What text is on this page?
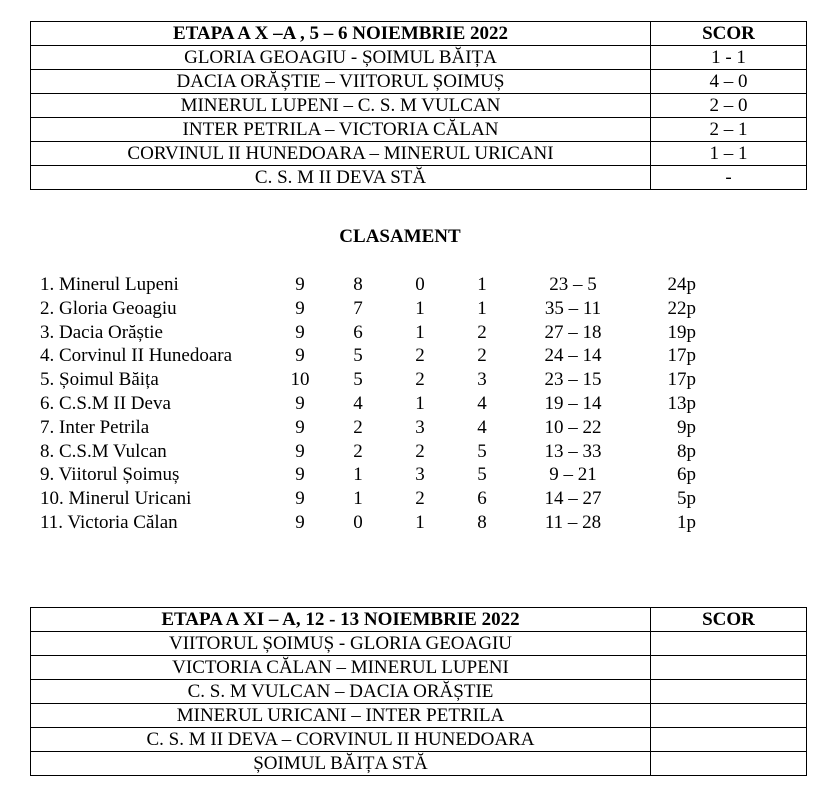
ETAPA A X –A , 5 – 6 NOIEMBRIE 2022	SCOR
GLORIA GEOAGIU - ȘOIMUL BĂIȚA	1 - 1
DACIA ORĂȘTIE – VIITORUL ȘOIMUȘ	4 – 0
MINERUL LUPENI – C. S. M VULCAN	2 – 0
INTER PETRILA – VICTORIA CĂLAN	2 – 1
CORVINUL II HUNEDOARA – MINERUL URICANI	1 – 1
C. S. M II DEVA STĂ	-
CLASAMENT
1. Minerul Lupeni	9	8	0	1	23 – 5	24p
2. Gloria Geoagiu	9	7	1	1	35 – 11	22p
3. Dacia Orăștie	9	6	1	2	27 – 18	19p
4. Corvinul II Hunedoara	9	5	2	2	24 – 14	17p
5. Șoimul Băița	10	5	2	3	23 – 15	17p
6. C.S.M II Deva	9	4	1	4	19 – 14	13p
7. Inter Petrila	9	2	3	4	10 – 22	9p
8. C.S.M Vulcan	9	2	2	5	13 – 33	8p
9. Viitorul Șoimuș	9	1	3	5	9 – 21	6p
10. Minerul Uricani	9	1	2	6	14 – 27	5p
11. Victoria Călan	9	0	1	8	11 – 28	1p
ETAPA A XI – A, 12 - 13 NOIEMBRIE 2022	SCOR
VIITORUL ȘOIMUȘ - GLORIA GEOAGIU	
VICTORIA CĂLAN – MINERUL LUPENI	
C. S. M VULCAN – DACIA ORĂȘTIE	
MINERUL URICANI – INTER PETRILA	
C. S. M II DEVA – CORVINUL II HUNEDOARA	
ȘOIMUL BĂIȚA STĂ	
